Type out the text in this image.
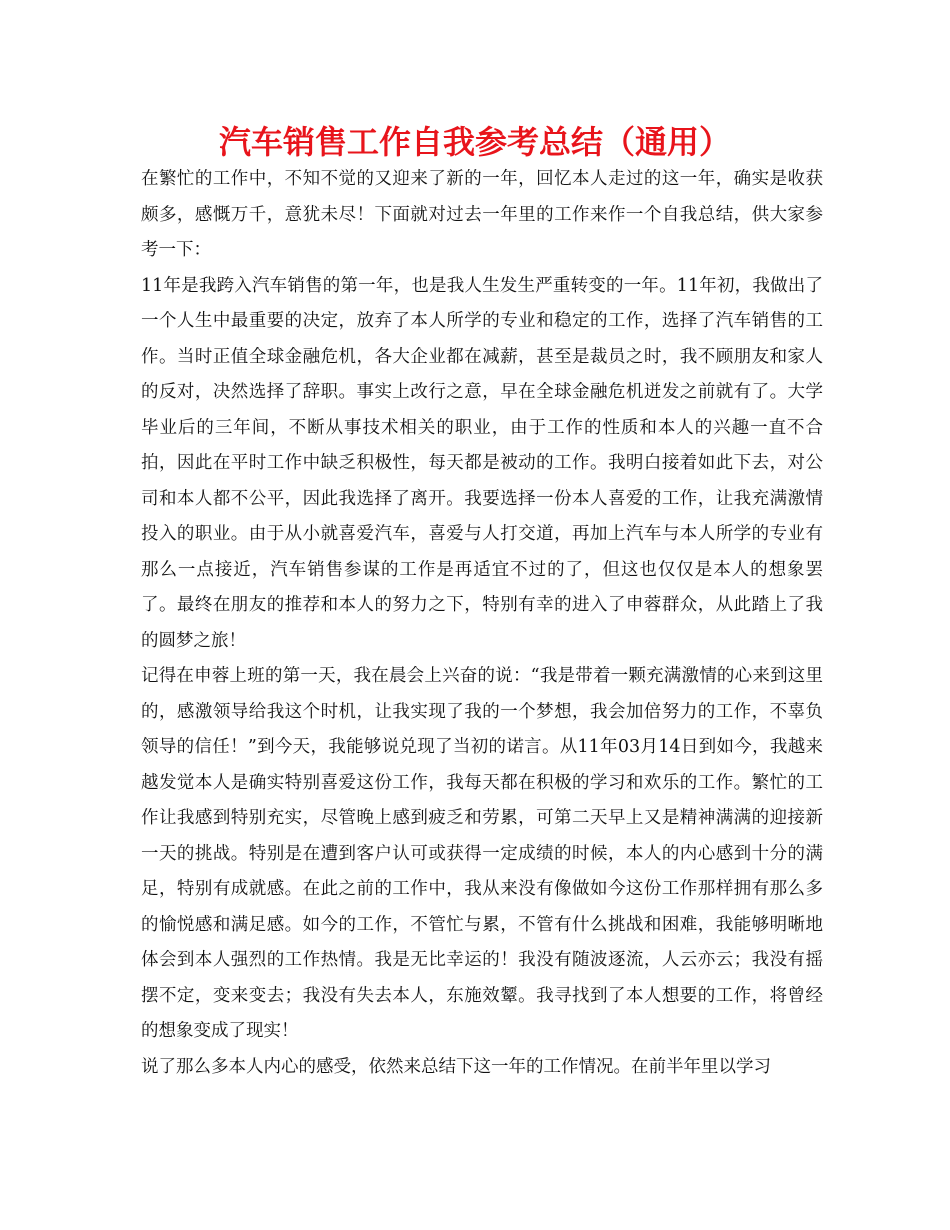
汽车销售工作自我参考总结（通用）

在繁忙的工作中，不知不觉的又迎来了新的一年，回忆本人走过的这一年，确实是收获颇多，感慨万千，意犹未尽！下面就对过去一年里的工作来作一个自我总结，供大家参考一下：

11年是我跨入汽车销售的第一年，也是我人生发生严重转变的一年。11年初，我做出了一个人生中最重要的决定，放弃了本人所学的专业和稳定的工作，选择了汽车销售的工作。当时正值全球金融危机，各大企业都在减薪，甚至是裁员之时，我不顾朋友和家人的反对，决然选择了辞职。事实上改行之意，早在全球金融危机迸发之前就有了。大学毕业后的三年间，不断从事技术相关的职业，由于工作的性质和本人的兴趣一直不合拍，因此在平时工作中缺乏积极性，每天都是被动的工作。我明白接着如此下去，对公司和本人都不公平，因此我选择了离开。我要选择一份本人喜爱的工作，让我充满激情投入的职业。由于从小就喜爱汽车，喜爱与人打交道，再加上汽车与本人所学的专业有那么一点接近，汽车销售参谋的工作是再适宜不过的了，但这也仅仅是本人的想象罢了。最终在朋友的推荐和本人的努力之下，特别有幸的进入了申蓉群众，从此踏上了我的圆梦之旅！

记得在申蓉上班的第一天，我在晨会上兴奋的说：“我是带着一颗充满激情的心来到这里的，感激领导给我这个时机，让我实现了我的一个梦想，我会加倍努力的工作，不辜负领导的信任！”到今天，我能够说兑现了当初的诺言。从11年03月14日到如今，我越来越发觉本人是确实特别喜爱这份工作，我每天都在积极的学习和欢乐的工作。繁忙的工作让我感到特别充实，尽管晚上感到疲乏和劳累，可第二天早上又是精神满满的迎接新一天的挑战。特别是在遭到客户认可或获得一定成绩的时候，本人的内心感到十分的满足，特别有成就感。在此之前的工作中，我从来没有像做如今这份工作那样拥有那么多的愉悦感和满足感。如今的工作，不管忙与累，不管有什么挑战和困难，我能够明晰地体会到本人强烈的工作热情。我是无比幸运的！我没有随波逐流，人云亦云；我没有摇摆不定，变来变去；我没有失去本人，东施效颦。我寻找到了本人想要的工作，将曾经的想象变成了现实！

说了那么多本人内心的感受，依然来总结下这一年的工作情况。在前半年里以学习
